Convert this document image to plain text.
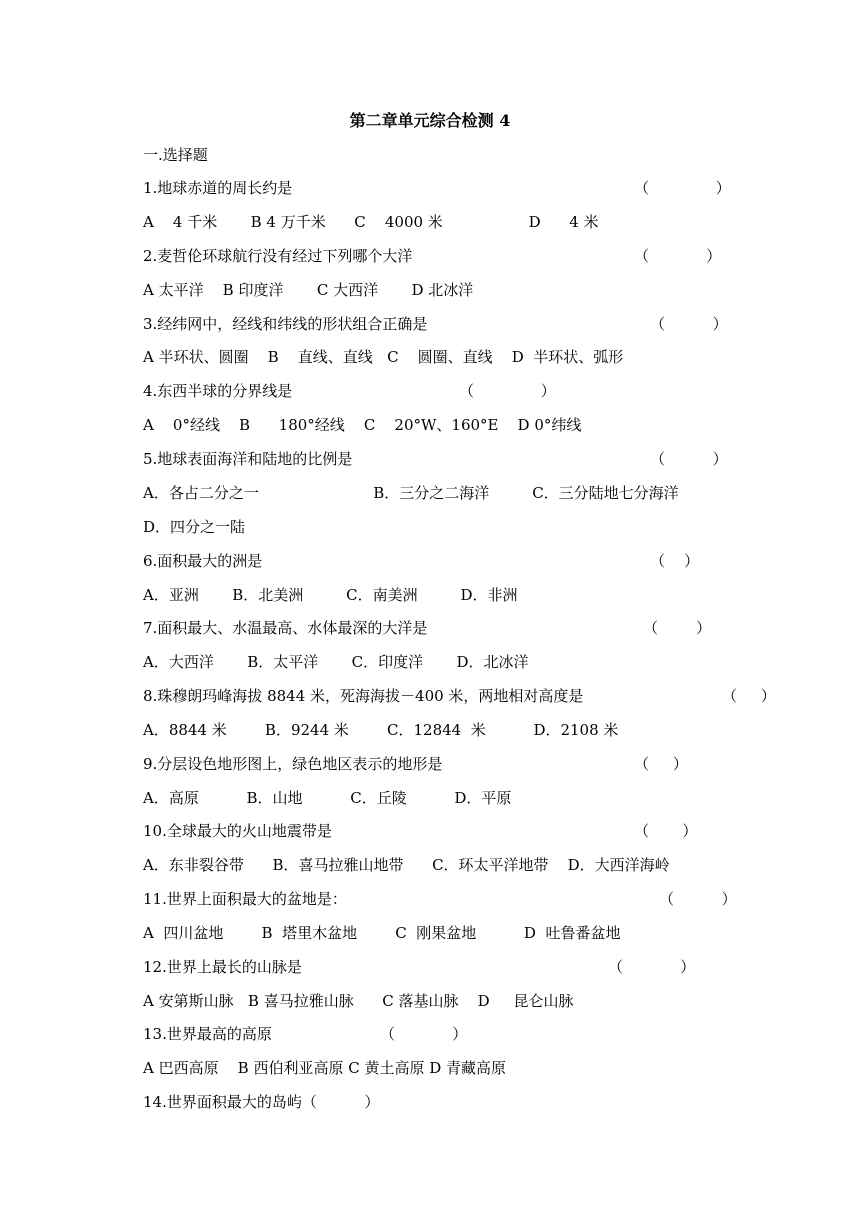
第二章单元综合检测 4
一.选择题
1.地球赤道的周长约是	（              ）
A    4 千米       B 4 万千米      C    4000 米                  D      4 米
2.麦哲伦环球航行没有经过下列哪个大洋	（            ）
A 太平洋    B 印度洋       C 大西洋       D 北冰洋
3.经纬网中，经线和纬线的形状组合正确是	（          ）
A 半环状、圆圈    B    直线、直线   C    圆圈、直线    D  半环状、弧形
4.东西半球的分界线是	（              ）
A    0°经线    B      180°经线    C    20°W、160°E    D 0°纬线
5.地球表面海洋和陆地的比例是	（          ）
A．各占二分之一                        B．三分之二海洋         C．三分陆地七分海洋
D．四分之一陆
6.面积最大的洲是	（    ）
A．亚洲       B．北美洲         C．南美洲         D．非洲
7.面积最大、水温最高、水体最深的大洋是	（        ）
A．大西洋       B．太平洋       C．印度洋       D．北冰洋
8.珠穆朗玛峰海拔 8844 米，死海海拔－400 米，两地相对高度是	（     ）
A．8844 米        B．9244 米        C．12844  米          D．2108 米
9.分层设色地形图上，绿色地区表示的地形是	（     ）
A．高原          B．山地          C．丘陵          D．平原
10.全球最大的火山地震带是	（       ）
A．东非裂谷带      B．喜马拉雅山地带      C．环太平洋地带    D．大西洋海岭
11.世界上面积最大的盆地是：	（          ）
A  四川盆地        B  塔里木盆地        C  刚果盆地          D  吐鲁番盆地
12.世界上最长的山脉是	（            ）
A 安第斯山脉   B 喜马拉雅山脉      C 落基山脉    D     昆仑山脉
13.世界最高的高原	（            ）
A 巴西高原    B 西伯利亚高原 C 黄土高原 D 青藏高原
14.世界面积最大的岛屿（          ）
